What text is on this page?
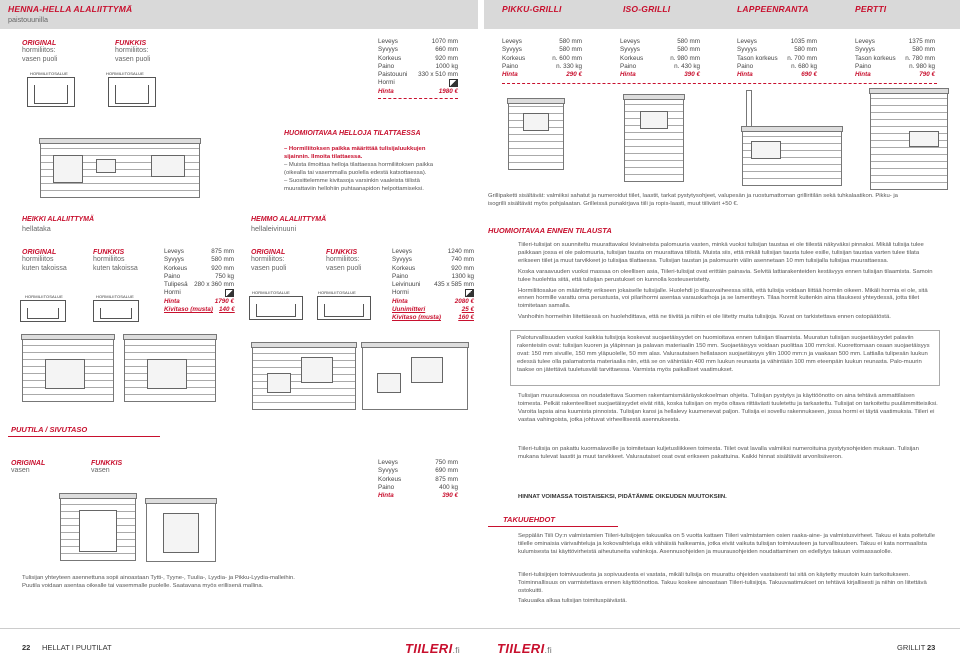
HENNA-HELLA ALALIITTYMÄ
paistouunilla
PIKKU-GRILLI	ISO-GRILLI	LAPPEENRANTA	PERTTI
ORIGINAL
hormiliitos:
vasen puoli
HORMILIITOSALUE
FUNKKIS
hormiliitos:
vasen puoli
HORMILIITOSALUE
Leveys	1070 mm
Syvyys	660 mm
Korkeus	920 mm
Paino	1000 kg
Paistouuni 330 x 510 mm
Hormi
Hinta	1980 €
Leveys	580 mm
Syvyys	580 mm
Korkeus	n. 600 mm
Paino	n. 330 kg
Hinta	290 €
Leveys	580 mm
Syvyys	580 mm
Korkeus	n. 980 mm
Paino	n. 430 kg
Hinta	390 €
Leveys	1035 mm
Syvyys	580 mm
Tason korkeus n. 700 mm
Paino	n. 680 kg
Hinta	690 €
Leveys	1375 mm
Syvyys	580 mm
Tason korkeus n. 780 mm
Paino	n. 980 kg
Hinta	790 €
Grillipaketti sisältävät: valmiiksi sahatut ja numeroidut tiilet, laastit, tarkat pystytysohjeet, valupesän ja ruostumattoman grilliritilän sekä tuhkalaatikon. Pikku- ja isogrilli sisältävät myös pohjalaatan. Grilleissä punakirjava tiili ja ropis-laasti, muut tiilivärit +50 €.
HUOMIOITAVAA HELLOJA TILATTAESSA
– Hormiliitoksen paikka määrittää tulisijaluukkujen sijainnin. Ilmoita tilattaessa.
– Muista ilmoittaa helloja tilattaessa hormiliitoksen paikka (oikealla tai vasemmalla puolella edestä katsottaessa).
– Suosittelemme kivitasoja varsinkin vaaleista tiilistä muurattaviin hellohiin puhtaanapidon helpottamiseksi.
HEIKKI ALALIITTYMÄ
hellataka
ORIGINAL
hormiliitos
kuten takoissa
HORMILIITOSALUE
FUNKKIS
hormiliitos
kuten takoissa
HORMILIITOSALUE
Leveys	875 mm
Syvyys	580 mm
Korkeus	920 mm
Paino	750 kg
Tulipesä 280 x 360 mm
Hormi
Hinta	1790 €
Kivitaso (musta) 140 €
HEMMO ALALIITTYMÄ
hellaleivinuuni
ORIGINAL
hormiliitos:
vasen puoli
HORMILIITOSALUE
FUNKKIS
hormiliitos:
vasen puoli
HORMILIITOSALUE
Leveys	1240 mm
Syvyys	740 mm
Korkeus	920 mm
Paino	1300 kg
Leivinuuni 435 x 585 mm
Hormi
Hinta	2080 €
Uunimitteri	25 €
Kivitaso (musta)	160 €
PUUTILA / SIVUTASO
ORIGINAL
vasen
FUNKKIS
vasen
Leveys	750 mm
Syvyys	690 mm
Korkeus	875 mm
Paino	400 kg
Hinta	390 €
Tulisijan yhteyteen asennettuna sopii ainoastaan Tytti-, Tyyne-, Tuulia-, Lyydia- ja Pikku-Lyydia-malleihin. Puutila voidaan asentaa oikealle tai vasemmalle puolelle. Saatavana myös erillisenä mallina.
HUOMIOITAVAA ENNEN TILAUSTA
Tiileri-tulisijat on suunniteltu muurattavaksi kiviaineista palomuuria vasten, minkä vuoksi tulisijan taustaa ei ole tiilestä näkyväksi pinnaksi. Mikäli tulisija tulee paikkaan jossa ei ole palomuuria, tulisijan tausta on muurattava tiilistä. Muista siis, että mikäli tulisijan tausta tulee esille, tulisijan taustaa varten tulee tilata erikseen tiilet ja muut tarvikkeet jo tulisijaa tilattaessa. Tulisijan taustan ja palomuurin välin asennetaan 10 mm tulisijalla tulisijaa muurattaessa.
Koska varaavuuden vuoksi massaa on oleellisen asia, Tiileri-tulisijat ovat erittäin painavia. Selvitä lattiarakenteiden kestävyys ennen tulisijan tilaamista. Samoin tulee huolehtia siitä, että tulisijan perustukset on kunnolla kosteuseristetty.
Hormiliitosalue on määritetty erikseen jokaiselle tulisijalle. Huolehdi jo tilausvaiheessa siitä, että tulisija voidaan liittää hormiin oikeen. Mikäli hormia ei ole, sitä ennen hormille varattu oma perustusta, voi pilarihormi asentaa varauskarhoja ja se lamentteyn. Tilaa hormit kuitenkin aina tilauksesi yhteydessä, jotta tiilet toimitetaan samalla.
Vanhoihin hormeihin liitettäessä on huolehdittava, että ne tiiviitä ja niihin ei ole liitetty muita tulisijoja. Kuvat on tarkistettava ennen ostopäätöstä.
Paloturvallisuuden vuoksi kaikkia tulisijoja koskevat suojaetäisyydet on huomioitava ennen tulisijan tilaamista. Muuratun tulisijan suojaetäisyydet palaviin rakenteisiin ovat: tulisijan kuoren ja yläpinnan ja palavan materiaalin 150 mm. Suojaetäisyys voidaan puolittaa 100 mm:ksi. Kuorettomaan osaan suojaetäisyys ovat: 150 mm sivuille, 150 mm yläpuolelle, 50 mm alas. Valurautaisen hellatason suojaetäisyys yliin 1000 mm:n ja vaakaan 500 mm. Lattialla tulipesän luukun edessä tulee olla palamatonta materiaalia niin, että se on vähintään 400 mm luukun reunasta ja vähintään 100 mm eteenpäin luukun reunasta. Palo-muurin taakse on jätettävä tuuletusväli tarvittaessa. Varmista myös paikalliset vaatimukset.
Tulisijan muurauksessa on noudatettava Suomen rakentamismääräyskokoelman ohjeita. Tulisijan pystytys ja käyttöönotto on aina tehtävä ammattilaisen toimesta. Pelkät rakenteelliset suojaetäisyydet eivät riitä, koska tulisijan on myös oltava riittävästi tuuletettu ja tarkastettu. Tulisijat on tarkoitettu puulämmitteisiksi. Varoita lapsia aina kuumista pinnoista. Tulisijan kansi ja hellalevy kuumenevat paljon. Tulisija ei sovellu rakennukseen, jossa hormi ei täytä vaatimuksia. Tiileri ei vastaa vahingoista, jotka johtuvat virheellisestä asennuksesta.
Tiileri-tulisija on pakattu kuormalavoille ja toimitetaan kuljetusliikkeen toimesta. Tiilet ovat lavalla valmiiksi numeroituina pystytysohjeiden mukaan. Tulisijan mukana tulevat laastit ja muut tarvikkeet. Valurautaiset osat ovat erikseen pakattuina. Kaikki hinnat sisältävät arvonlisäveron.
HINNAT VOIMASSA TOISTAISEKSI, PIDÄTÄMME OIKEUDEN MUUTOKSIIN.
TAKUUEHDOT
Seppälän Tiili Oy:n valmistamien Tiileri-tulisijojen takuuaika on 5 vuotta kattaen Tiileri valmistamien osien raaka-aine- ja valmistusvirheet. Takuu ei kata poltetulle tiilelle ominaisia värivaihteluja ja kokovaihteluja eikä vähäisiä halkeamia, jotka eivät vaikuta tulisijan toimivuuteen ja turvallisuuteen. Takuu ei kata normaalista kulumisesta tai käyttövirheistä aiheutuneita vahinkoja. Asennusohjeiden ja muurausohjeiden noudattaminen on edellytys takuun voimassaololle.
Tiileri-tulisijojen toimivuudesta ja sopivuudesta ei vastata, mikäli tulisija on muurattu ohjeiden vastaisesti tai sitä on käytetty muutoin kuin tarkoitukseen. Toiminnallisuus on varmistettava ennen käyttöönottoa. Takuu koskee ainoastaan Tiileri-tulisijoja. Takuuvaatimukset on tehtävä kirjallisesti ja niihin on liitettävä ostokuitti.
Takuuaika alkaa tulisijan toimituspäivästä.
22 HELLAT I PUUTILAT	TIILERI.fi	TIILERI.fi	GRILLIT 23
